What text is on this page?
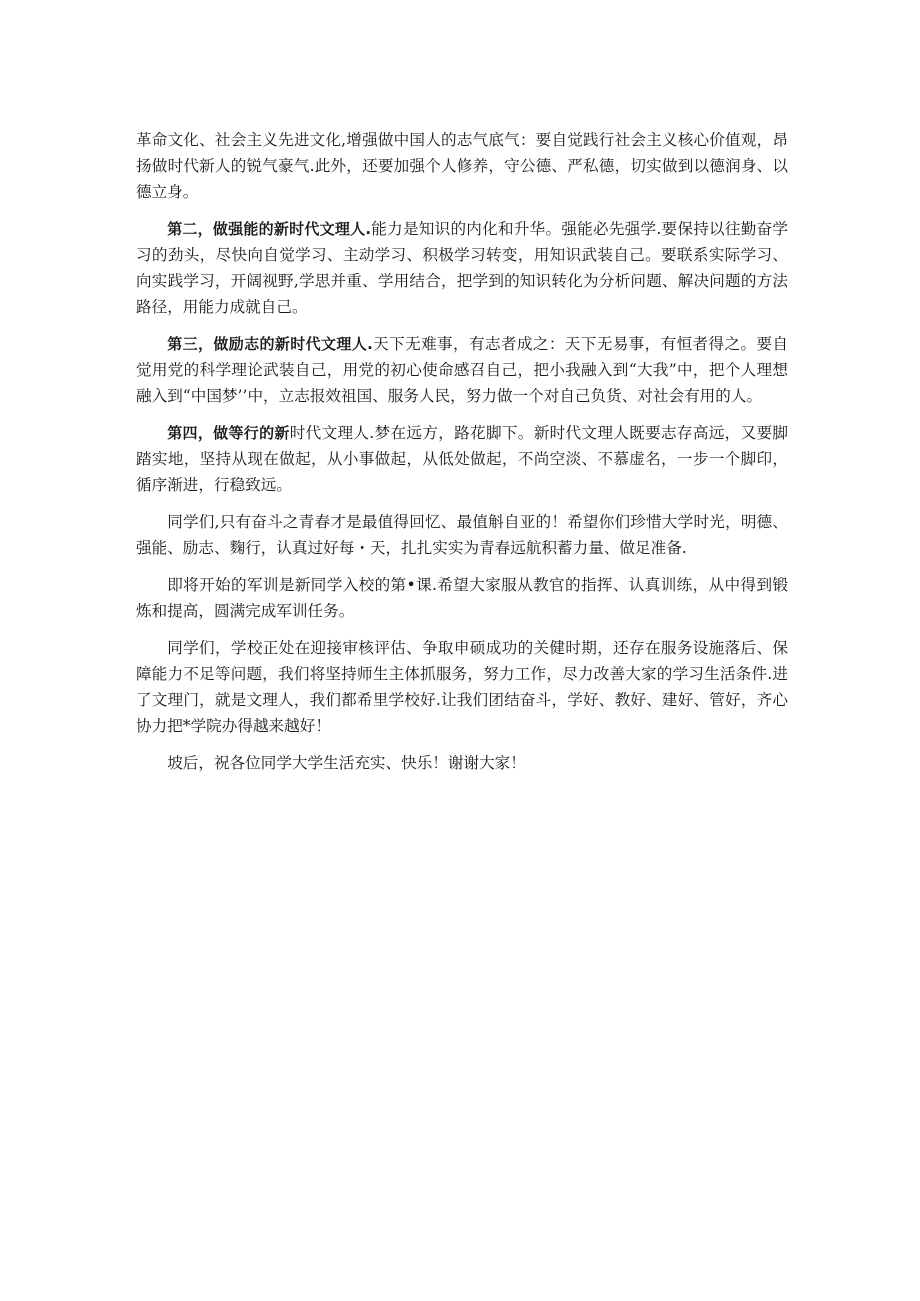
革命文化、社会主义先进文化,增强做中国人的志气底气：要自觉践行社会主义核心价值观，昂扬做时代新人的锐气豪气.此外，还要加强个人修养，守公德、严私德，切实做到以德润身、以德立身。

第二，做强能的新时代文理人.能力是知识的内化和升华。强能必先强学.要保持以往勤奋学习的劲头，尽快向自觉学习、主动学习、积极学习转变，用知识武装自己。要联系实际学习、向实践学习，开阔视野,学思并重、学用结合，把学到的知识转化为分析问题、解决问题的方法路径，用能力成就自己。

第三，做励志的新时代文理人.天下无难事，有志者成之：天下无易事，有恒者得之。要自觉用党的科学理论武装自己，用党的初心使命感召自己，把小我融入到“大我”中，把个人理想融入到“中国梦’’中，立志报效祖国、服务人民，努力做一个对自己负货、对社会有用的人。

第四，做等行的新时代文理人.梦在远方，路花脚下。新时代文理人既要志存高远，又要脚踏实地，坚持从现在做起，从小事做起，从低处做起，不尚空淡、不慕虚名，一步一个脚印，循序渐进，行稳致远。

同学们,只有奋斗之青春才是最值得回忆、最值斛自亚的！希望你们珍惜大学时光，明德、强能、励志、麴行，认真过好每・天，扎扎实实为青春远航积蓄力量、做足准备.

即将开始的军训是新同学入校的第•课.希望大家服从教官的指挥、认真训练，从中得到锻炼和提高，圆满完成军训任务。

同学们，学校正处在迎接审核评估、争取申硕成功的关健时期，还存在服务设施落后、保障能力不足等问题，我们将坚持师生主体抓服务，努力工作，尽力改善大家的学习生活条件.进了文理门，就是文理人，我们都希里学校好.让我们团结奋斗，学好、教好、建好、管好，齐心协力把*学院办得越来越好！

坡后，祝各位同学大学生活充实、快乐！谢谢大家！
